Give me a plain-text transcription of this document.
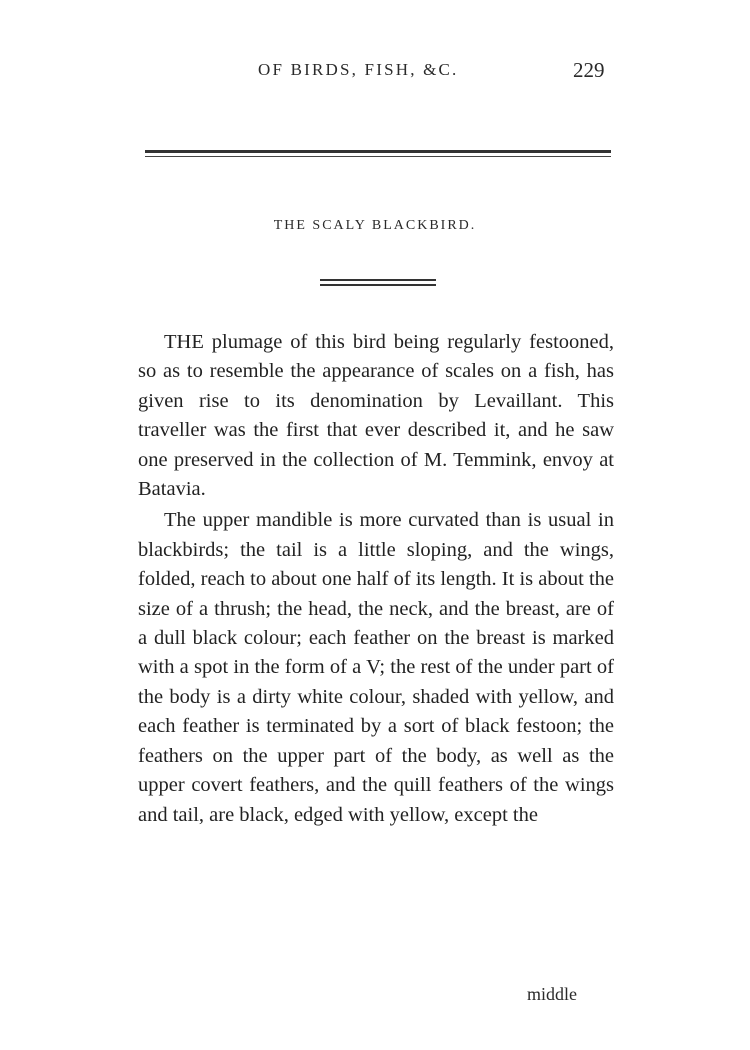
OF BIRDS, FISH, &C.	229
THE SCALY BLACKBIRD.

THE plumage of this bird being regularly festooned, so as to resemble the appearance of scales on a fish, has given rise to its denomination by Levaillant. This traveller was the first that ever described it, and he saw one preserved in the collection of M. Temmink, envoy at Batavia.

The upper mandible is more curvated than is usual in blackbirds; the tail is a little sloping, and the wings, folded, reach to about one half of its length. It is about the size of a thrush; the head, the neck, and the breast, are of a dull black colour; each feather on the breast is marked with a spot in the form of a V; the rest of the under part of the body is a dirty white colour, shaded with yellow, and each feather is terminated by a sort of black festoon; the feathers on the upper part of the body, as well as the upper covert feathers, and the quill feathers of the wings and tail, are black, edged with yellow, except the

middle
